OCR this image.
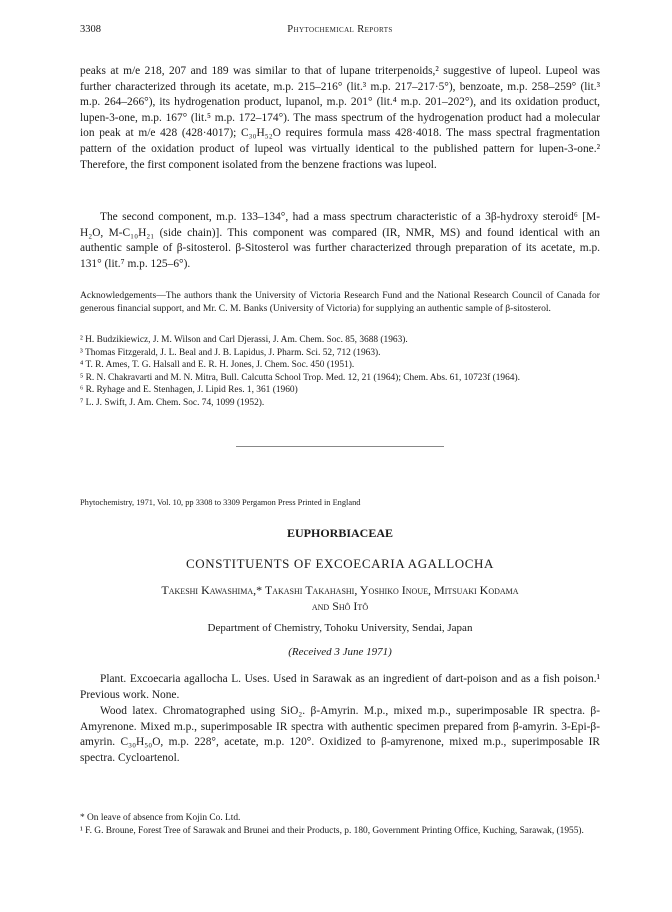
3308	Phytochemical Reports

peaks at m/e 218, 207 and 189 was similar to that of lupane triterpenoids,² suggestive of lupeol. Lupeol was further characterized through its acetate, m.p. 215–216° (lit.³ m.p. 217–217·5°), benzoate, m.p. 258–259° (lit.³ m.p. 264–266°), its hydrogenation product, lupanol, m.p. 201° (lit.⁴ m.p. 201–202°), and its oxidation product, lupen-3-one, m.p. 167° (lit.⁵ m.p. 172–174°). The mass spectrum of the hydrogenation product had a molecular ion peak at m/e 428 (428·4017); C₃₀H₅₂O requires formula mass 428·4018. The mass spectral fragmentation pattern of the oxidation product of lupeol was virtually identical to the published pattern for lupen-3-one.² Therefore, the first component isolated from the benzene fractions was lupeol.

The second component, m.p. 133–134°, had a mass spectrum characteristic of a 3β-hydroxy steroid⁶ [M-H₂O, M-C₁₀H₂₁ (side chain)]. This component was compared (IR, NMR, MS) and found identical with an authentic sample of β-sitosterol. β-Sitosterol was further characterized through preparation of its acetate, m.p. 131° (lit.⁷ m.p. 125–6°).

Acknowledgements—The authors thank the University of Victoria Research Fund and the National Research Council of Canada for generous financial support, and Mr. C. M. Banks (University of Victoria) for supplying an authentic sample of β-sitosterol.

² H. Budzikiewicz, J. M. Wilson and Carl Djerassi, J. Am. Chem. Soc. 85, 3688 (1963).
³ Thomas Fitzgerald, J. L. Beal and J. B. Lapidus, J. Pharm. Sci. 52, 712 (1963).
⁴ T. R. Ames, T. G. Halsall and E. R. H. Jones, J. Chem. Soc. 450 (1951).
⁵ R. N. Chakravarti and M. N. Mitra, Bull. Calcutta School Trop. Med. 12, 21 (1964); Chem. Abs. 61, 10723f (1964).
⁶ R. Ryhage and E. Stenhagen, J. Lipid Res. 1, 361 (1960)
⁷ L. J. Swift, J. Am. Chem. Soc. 74, 1099 (1952).
Phytochemistry, 1971, Vol. 10, pp 3308 to 3309 Pergamon Press Printed in England
EUPHORBIACEAE
CONSTITUENTS OF EXCOECARIA AGALLOCHA
Takeshi Kawashima,* Takashi Takahashi, Yoshiko Inoue, Mitsuaki Kodama
and Shô Itô
Department of Chemistry, Tohoku University, Sendai, Japan
(Received 3 June 1971)

Plant. Excoecaria agallocha L. Uses. Used in Sarawak as an ingredient of dart-poison and as a fish poison.¹ Previous work. None.

Wood latex. Chromatographed using SiO₂. β-Amyrin. M.p., mixed m.p., superimposable IR spectra. β-Amyrenone. Mixed m.p., superimposable IR spectra with authentic specimen prepared from β-amyrin. 3-Epi-β-amyrin. C₃₀H₅₀O, m.p. 228°, acetate, m.p. 120°. Oxidized to β-amyrenone, mixed m.p., superimposable IR spectra. Cycloartenol.

* On leave of absence from Kojin Co. Ltd.
¹ F. G. Broune, Forest Tree of Sarawak and Brunei and their Products, p. 180, Government Printing Office, Kuching, Sarawak, (1955).
